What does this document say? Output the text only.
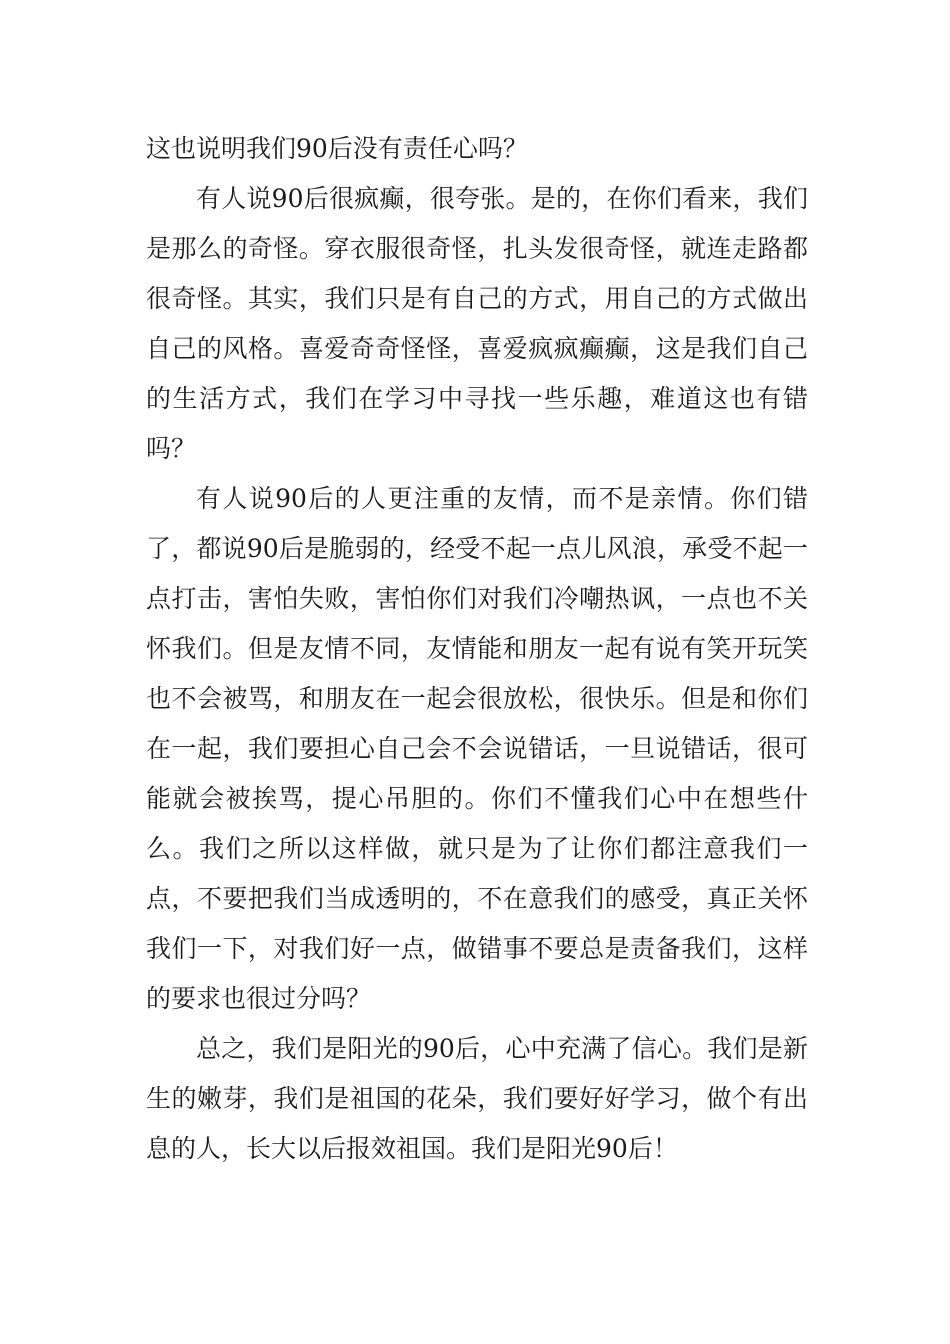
这也说明我们90后没有责任心吗？

有人说90后很疯癫，很夸张。是的，在你们看来，我们是那么的奇怪。穿衣服很奇怪，扎头发很奇怪，就连走路都很奇怪。其实，我们只是有自己的方式，用自己的方式做出自己的风格。喜爱奇奇怪怪，喜爱疯疯癫癫，这是我们自己的生活方式，我们在学习中寻找一些乐趣，难道这也有错吗？

有人说90后的人更注重的友情，而不是亲情。你们错了，都说90后是脆弱的，经受不起一点儿风浪，承受不起一点打击，害怕失败，害怕你们对我们冷嘲热讽，一点也不关怀我们。但是友情不同，友情能和朋友一起有说有笑开玩笑也不会被骂，和朋友在一起会很放松，很快乐。但是和你们在一起，我们要担心自己会不会说错话，一旦说错话，很可能就会被挨骂，提心吊胆的。你们不懂我们心中在想些什么。我们之所以这样做，就只是为了让你们都注意我们一点，不要把我们当成透明的，不在意我们的感受，真正关怀我们一下，对我们好一点，做错事不要总是责备我们，这样的要求也很过分吗？

总之，我们是阳光的90后，心中充满了信心。我们是新生的嫩芽，我们是祖国的花朵，我们要好好学习，做个有出息的人，长大以后报效祖国。我们是阳光90后！
